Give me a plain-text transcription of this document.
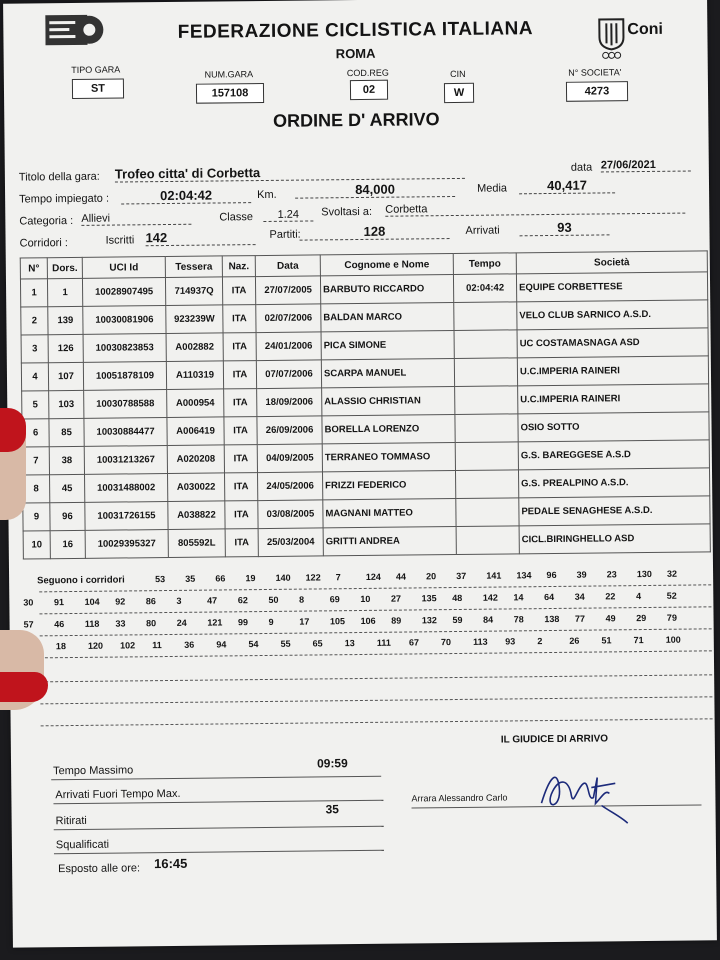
FEDERAZIONE CICLISTICA ITALIANA
ROMA
Coni
TIPO GARA
ST
NUM.GARA
157108
COD.REG
02
CIN
W
N° SOCIETA'
4273
ORDINE D' ARRIVO
Titolo della gara: Trofeo citta' di Corbetta	data 27/06/2021
Tempo impiegato :	02:04:42	Km.	84,000	Media	40,417
Categoria : Allievi	Classe	1.24	Svoltasi a: Corbetta
Corridori :	Iscritti 142	Partiti:	128	Arrivati	93
N°	Dors.	UCI Id	Tessera	Naz.	Data	Cognome e Nome	Tempo	Società
1	1	10028907495	714937Q	ITA	27/07/2005	BARBUTO RICCARDO	02:04:42	EQUIPE CORBETTESE
2	139	10030081906	923239W	ITA	02/07/2006	BALDAN MARCO		VELO CLUB SARNICO A.S.D.
3	126	10030823853	A002882	ITA	24/01/2006	PICA SIMONE		UC COSTAMASNAGA ASD
4	107	10051878109	A110319	ITA	07/07/2006	SCARPA MANUEL		U.C.IMPERIA RAINERI
5	103	10030788588	A000954	ITA	18/09/2006	ALASSIO CHRISTIAN		U.C.IMPERIA RAINERI
6	85	10030884477	A006419	ITA	26/09/2006	BORELLA LORENZO		OSIO SOTTO
7	38	10031213267	A020208	ITA	04/09/2005	TERRANEO TOMMASO		G.S. BAREGGESE A.S.D
8	45	10031488002	A030022	ITA	24/05/2006	FRIZZI FEDERICO		G.S. PREALPINO A.S.D.
9	96	10031726155	A038822	ITA	03/08/2005	MAGNANI MATTEO		PEDALE SENAGHESE A.S.D.
10	16	10029395327	805592L	ITA	25/03/2004	GRITTI ANDREA		CICL.BIRINGHELLO ASD
Seguono i corridori	53 35 66 19 140 122 7	124 44 20 37 141 134 96 39 23 130 32
30 91 104 92 86 3	47 62 50 8	69 10 27 135 48 142 14 64 34 22 4	52
57 46 118 33 80 24 121 99 9	17 105 106 89 132 59 84 78 138 77 49 29 79
18 120 102 11 36 94 54 55 65 13 111 67 70 113 93 2	26 51 71 100
IL GIUDICE DI ARRIVO
Tempo Massimo
09:59
Arrivati Fuori Tempo Max.
Ritirati
35
Squalificati
Esposto alle ore: 16:45
Arrara Alessandro Carlo
